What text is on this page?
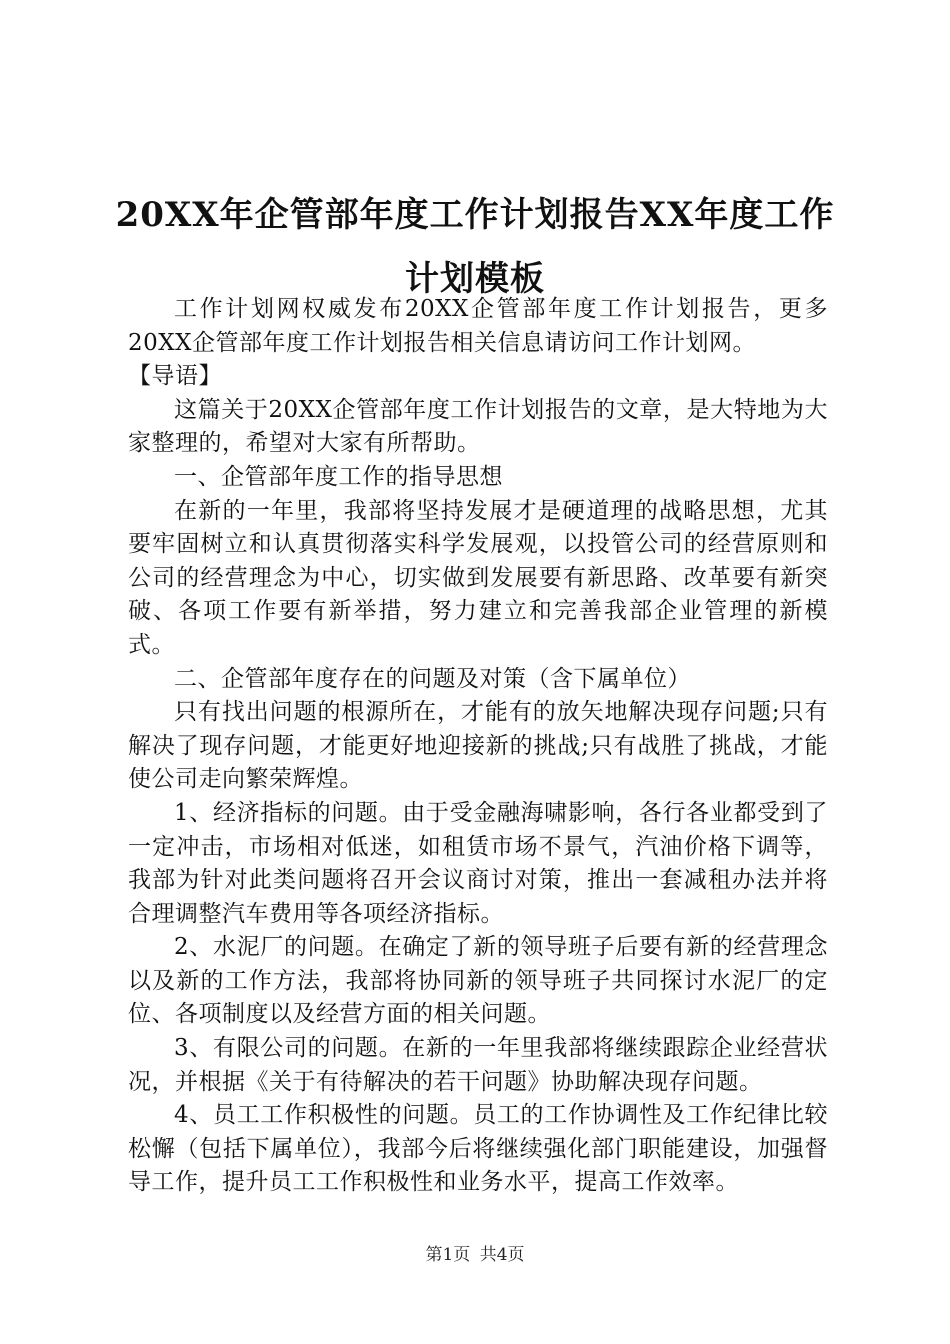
20XX年企管部年度工作计划报告XX年度工作计划模板

工作计划网权威发布20XX企管部年度工作计划报告，更多20XX企管部年度工作计划报告相关信息请访问工作计划网。

【导语】

这篇关于20XX企管部年度工作计划报告的文章，是大特地为大家整理的，希望对大家有所帮助。

一、企管部年度工作的指导思想

在新的一年里，我部将坚持发展才是硬道理的战略思想，尤其要牢固树立和认真贯彻落实科学发展观，以投管公司的经营原则和公司的经营理念为中心，切实做到发展要有新思路、改革要有新突破、各项工作要有新举措，努力建立和完善我部企业管理的新模式。

二、企管部年度存在的问题及对策（含下属单位）

只有找出问题的根源所在，才能有的放矢地解决现存问题;只有解决了现存问题，才能更好地迎接新的挑战;只有战胜了挑战，才能使公司走向繁荣辉煌。

1、经济指标的问题。由于受金融海啸影响，各行各业都受到了一定冲击，市场相对低迷，如租赁市场不景气，汽油价格下调等，我部为针对此类问题将召开会议商讨对策，推出一套减租办法并将合理调整汽车费用等各项经济指标。

2、水泥厂的问题。在确定了新的领导班子后要有新的经营理念以及新的工作方法，我部将协同新的领导班子共同探讨水泥厂的定位、各项制度以及经营方面的相关问题。

3、有限公司的问题。在新的一年里我部将继续跟踪企业经营状况，并根据《关于有待解决的若干问题》协助解决现存问题。

4、员工工作积极性的问题。员工的工作协调性及工作纪律比较松懈（包括下属单位），我部今后将继续强化部门职能建设，加强督导工作，提升员工工作积极性和业务水平，提高工作效率。

第1页 共4页
